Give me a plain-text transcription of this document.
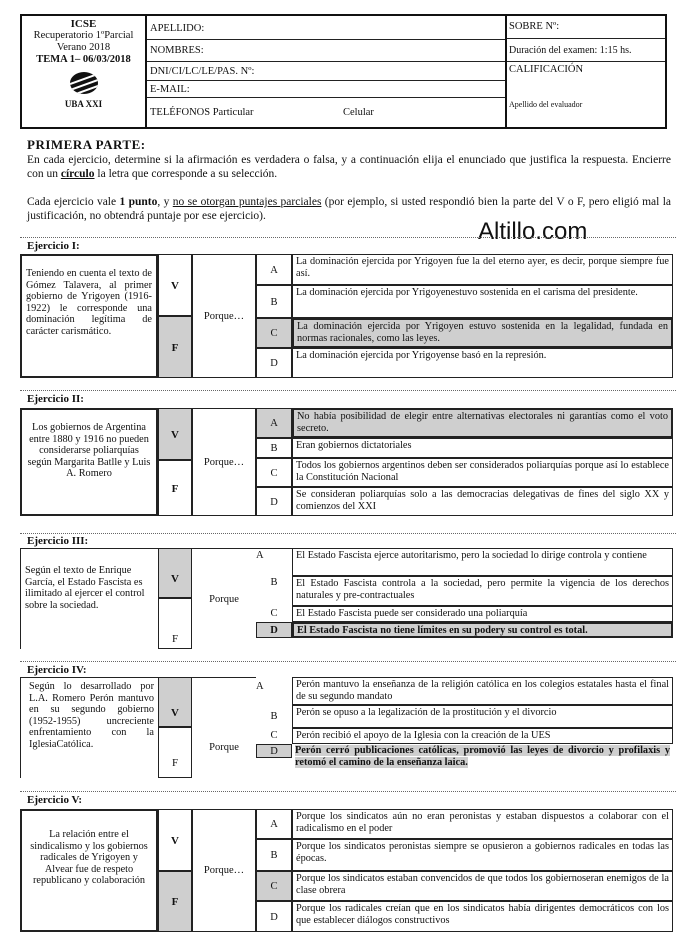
ICSE
Recuperatorio 1ºParcial
Verano 2018
TEMA 1– 06/03/2018
UBA XXI
APELLIDO:
NOMBRES:
DNI/CI/LC/LE/PAS. Nº:
E-MAIL:
TELÉFONOS Particular	Celular
SOBRE Nº:
Duración del examen: 1:15 hs.
CALIFICACIÓN
Apellido del evaluador
PRIMERA PARTE:
En cada ejercicio, determine si la afirmación es verdadera o falsa, y a continuación elija el enunciado que justifica la respuesta. Encierre con un círculo la letra que corresponde a su selección.
Cada ejercicio vale 1 punto, y no se otorgan puntajes parciales (por ejemplo, si usted respondió bien la parte del V o F, pero eligió mal la justificación, no obtendrá puntaje por ese ejercicio).
Altillo.com
Ejercicio I:
Teniendo en cuenta el texto de Gómez Talavera, al primer gobierno de Yrigoyen (1916-1922) le corresponde una dominación legítima de carácter carismático.
V
F
Porque…
A
La dominación ejercida por Yrigoyen fue la del eterno ayer, es decir, porque siempre fue así.
B
La dominación ejercida por Yrigoyenestuvo sostenida en el carisma del presidente.
C
La dominación ejercida por Yrigoyen estuvo sostenida en la legalidad, fundada en normas racionales, como las leyes.
D
La dominación ejercida por Yrigoyense basó en la represión.
Ejercicio II:
Los gobiernos de Argentina entre 1880 y 1916 no pueden considerarse poliarquías según Margarita Batlle y Luis A. Romero
V
F
Porque…
A
No había posibilidad de elegir entre alternativas electorales ni garantías como el voto secreto.
B	Eran gobiernos dictatoriales
C
Todos los gobiernos argentinos deben ser considerados poliarquías porque así lo establece la Constitución Nacional
D
Se consideran poliarquías solo a las democracias delegativas de fines del siglo XX y comienzos del XXI
Ejercicio III:
Según el texto de Enrique García, el Estado Fascista es ilimitado al ejercer el control sobre la sociedad.
V
F
Porque
A	El Estado Fascista ejerce autoritarismo, pero la sociedad lo dirige controla y contiene
B	El Estado Fascista controla a la sociedad, pero permite la vigencia de los derechos naturales y pre-contractuales
C	El Estado Fascista puede ser considerado una poliarquía
D	El Estado Fascista no tiene límites en su podery su control es total.
Ejercicio IV:
Según lo desarrollado por L.A. Romero Perón mantuvo en su segundo gobierno (1952-1955) uncreciente enfrentamiento con la IglesiaCatólica.
V
F
Porque
A	Perón mantuvo la enseñanza de la religión católica en los colegios estatales hasta el final de su segundo mandato
B	Perón se opuso a la legalización de la prostitución y el divorcio
C	Perón recibió el apoyo de la Iglesia con la creación de la UES
D	Perón cerró publicaciones católicas, promovió las leyes de divorcio y profilaxis y retomó el camino de la enseñanza laica.
Ejercicio V:
La relación entre el sindicalismo y los gobiernos radicales de Yrigoyen y Alvear fue de respeto republicano y colaboración
V
F
Porque…
A
Porque los sindicatos aún no eran peronistas y estaban dispuestos a colaborar con el radicalismo en el poder
B
Porque los sindicatos peronistas siempre se opusieron a gobiernos radicales en todas las épocas.
C
Porque los sindicatos estaban convencidos de que todos los gobiernoseran enemigos de la clase obrera
D
Porque los radicales creían que en los sindicatos había dirigentes democráticos con los que establecer diálogos constructivos
